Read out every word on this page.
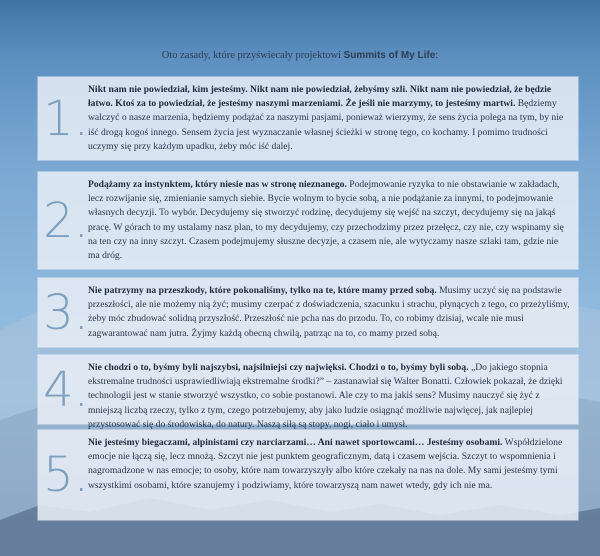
Oto zasady, które przyświecały projektowi Summits of My Life:
1.
Nikt nam nie powiedział, kim jesteśmy. Nikt nam nie powiedział, żebyśmy szli. Nikt nam nie powiedział, że będzie łatwo. Ktoś za to powiedział, że jesteśmy naszymi marzeniami. Że jeśli nie marzymy, to jesteśmy martwi. Będziemy walczyć o nasze marzenia, będziemy podążać za naszymi pasjami, ponieważ wierzymy, że sens życia polega na tym, by nie iść drogą kogoś innego. Sensem życia jest wyznaczanie własnej ścieżki w stronę tego, co kochamy. I pomimo trudności uczymy się przy każdym upadku, żeby móc iść dalej.
2.
Podążamy za instynktem, który niesie nas w stronę nieznanego. Podejmowanie ryzyka to nie obstawianie w zakładach, lecz rozwijanie się, zmienianie samych siebie. Bycie wolnym to bycie sobą, a nie podążanie za innymi, to podejmowanie własnych decyzji. To wybór. Decydujemy się stworzyć rodzinę, decydujemy się wejść na szczyt, decydujemy się na jakąś pracę. W górach to my ustalamy nasz plan, to my decydujemy, czy przechodzimy przez przełęcz, czy nie, czy wspinamy się na ten czy na inny szczyt. Czasem podejmujemy słuszne decyzje, a czasem nie, ale wytyczamy nasze szlaki tam, gdzie nie ma dróg.
3. Nie patrzymy na przeszkody, które pokonaliśmy, tylko na te, które mamy przed sobą. Musimy uczyć się na podstawie przeszłości, ale nie możemy nią żyć; musimy czerpać z doświadczenia, szacunku i strachu, płynących z tego, co przeżyliśmy, żeby móc zbudować solidną przyszłość. Przeszłość nie pcha nas do przodu. To, co robimy dzisiaj, wcale nie musi zagwarantować nam jutra. Żyjmy każdą obecną chwilą, patrząc na to, co mamy przed sobą.
4. Nie chodzi o to, byśmy byli najszybsi, najsilniejsi czy najwięksi. Chodzi o to, byśmy byli sobą. „Do jakiego stopnia ekstremalne trudności usprawiedliwiają ekstremalne środki?” – zastanawiał się Walter Bonatti. Człowiek pokazał, że dzięki technologii jest w stanie stworzyć wszystko, co sobie postanowi. Ale czy to ma jakiś sens? Musimy nauczyć się żyć z mniejszą liczbą rzeczy, tylko z tym, czego potrzebujemy, aby jako ludzie osiągnąć możliwie najwięcej, jak najlepiej przystosować się do środowiska, do natury. Naszą siłą są stopy, nogi, ciało i umysł.
5.
Nie jesteśmy biegaczami, alpinistami czy narciarzami… Ani nawet sportowcami… Jesteśmy osobami. Współdzielone emocje nie łączą się, lecz mnożą. Szczyt nie jest punktem geograficznym, datą i czasem wejścia. Szczyt to wspomnienia i nagromadzone w nas emocje; to osoby, które nam towarzyszyły albo które czekały na nas na dole. My sami jesteśmy tymi wszystkimi osobami, które szanujemy i podziwiamy, które towarzyszą nam nawet wtedy, gdy ich nie ma.
